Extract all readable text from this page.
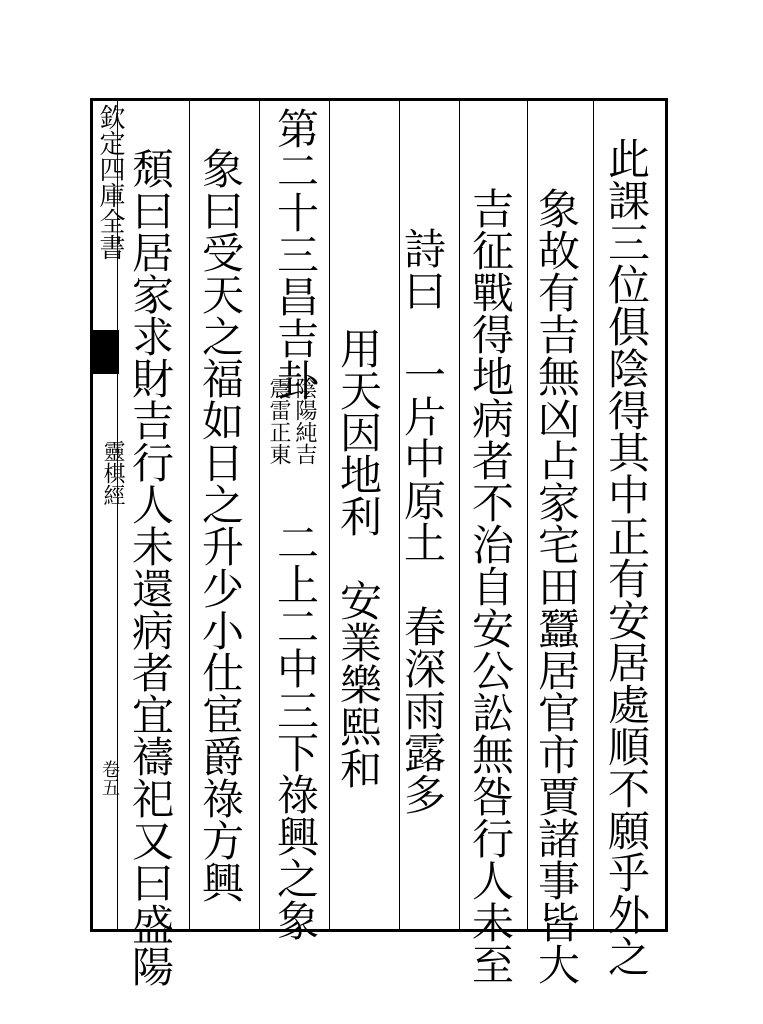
欽定四庫全書
靈棋經
卷五	此課三位俱陰得其中正有安居處順不願乎外之
象故有吉無凶占家宅田蠶居官市賈諸事皆大
吉征戰得地病者不治自安公訟無咎行人未至
詩曰　一片中原土　春深雨露多
用天因地利　安業樂熙和
第二十三昌吉卦
陰陽純吉
震雷正東
二上二中三下祿興之象
象曰受天之福如日之升少小仕宦爵祿方興
頹曰居家求財吉行人未還病者宜禱祀又曰盛陽
